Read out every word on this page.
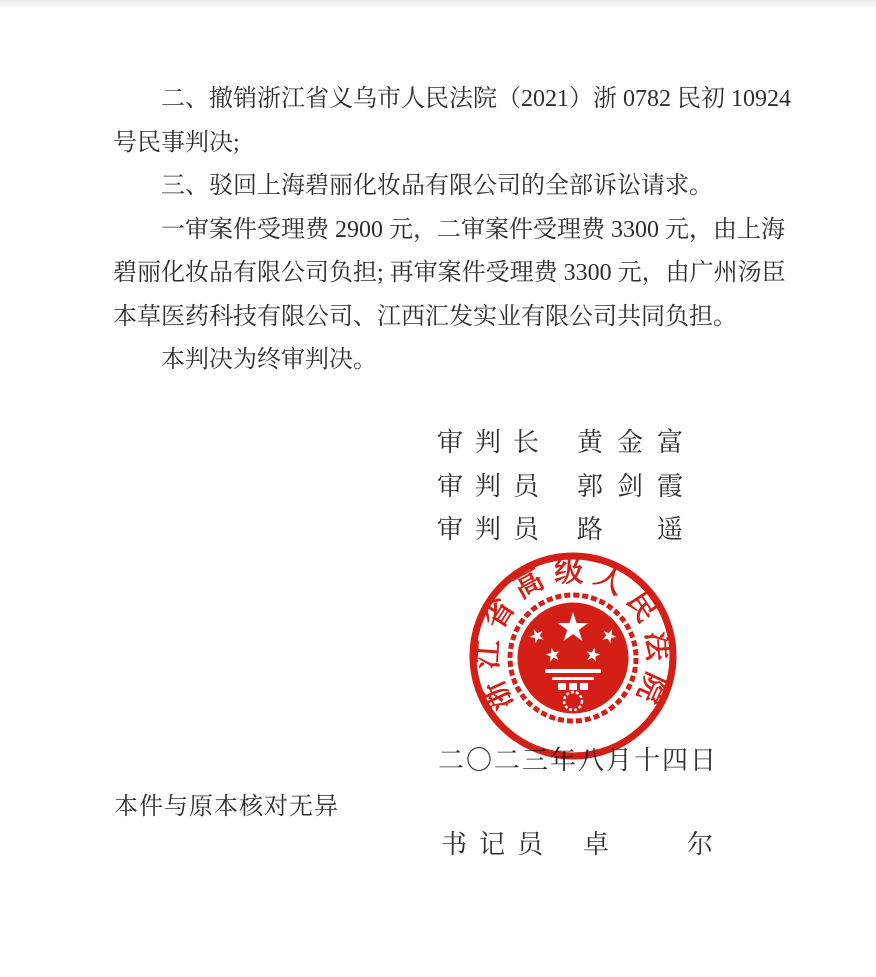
二、撤销浙江省义乌市人民法院（2021）浙 0782 民初 10924
号民事判决;
三、驳回上海碧丽化妆品有限公司的全部诉讼请求。
一审案件受理费 2900 元，二审案件受理费 3300 元，由上海
碧丽化妆品有限公司负担; 再审案件受理费 3300 元，由广州汤臣
本草医药科技有限公司、江西汇发实业有限公司共同负担。
本判决为终审判决。
审判长 黄金富
审判员 郭剑霞
审判员 路　遥
二〇二三年八月十四日
本件与原本核对无异
书记员 卓　尔
浙江省高级人民法院
